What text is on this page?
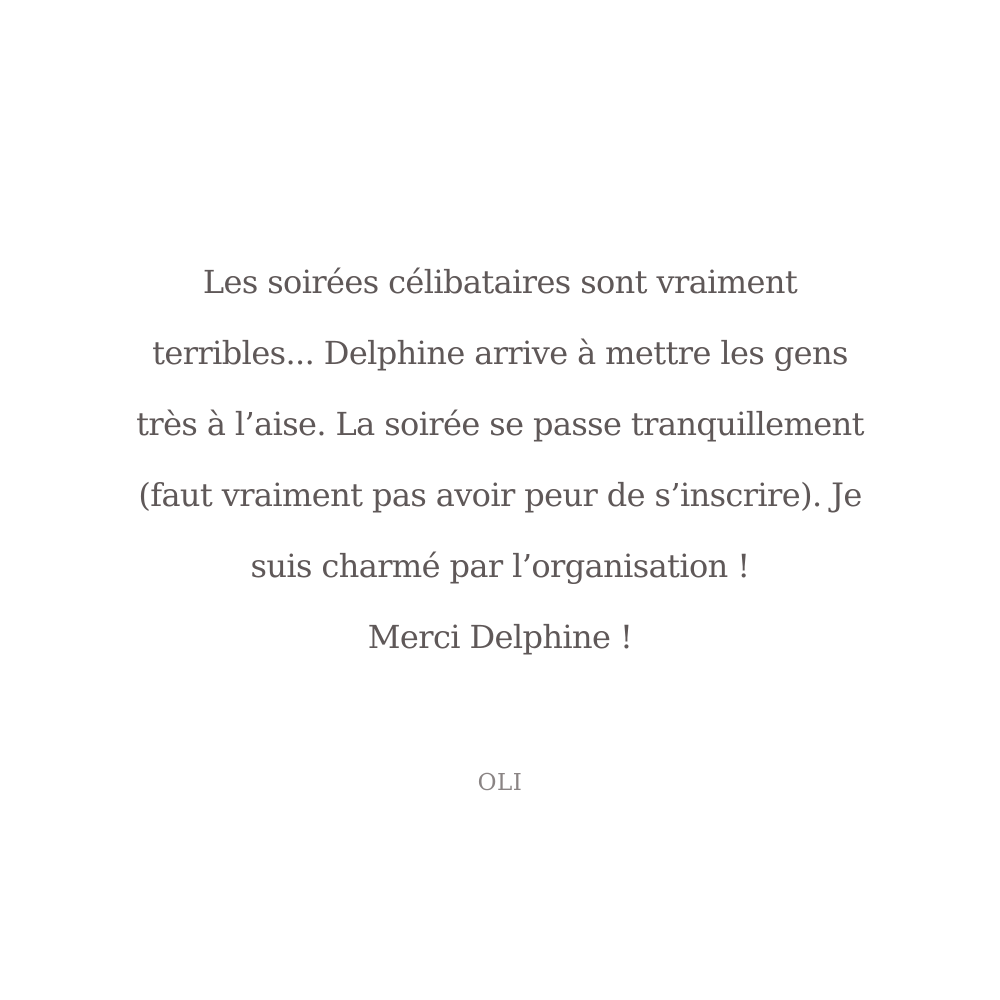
Les soirées célibataires sont vraiment
terribles... Delphine arrive à mettre les gens
très à l’aise. La soirée se passe tranquillement
(faut vraiment pas avoir peur de s’inscrire). Je
suis charmé par l’organisation !
Merci Delphine !
OLI
